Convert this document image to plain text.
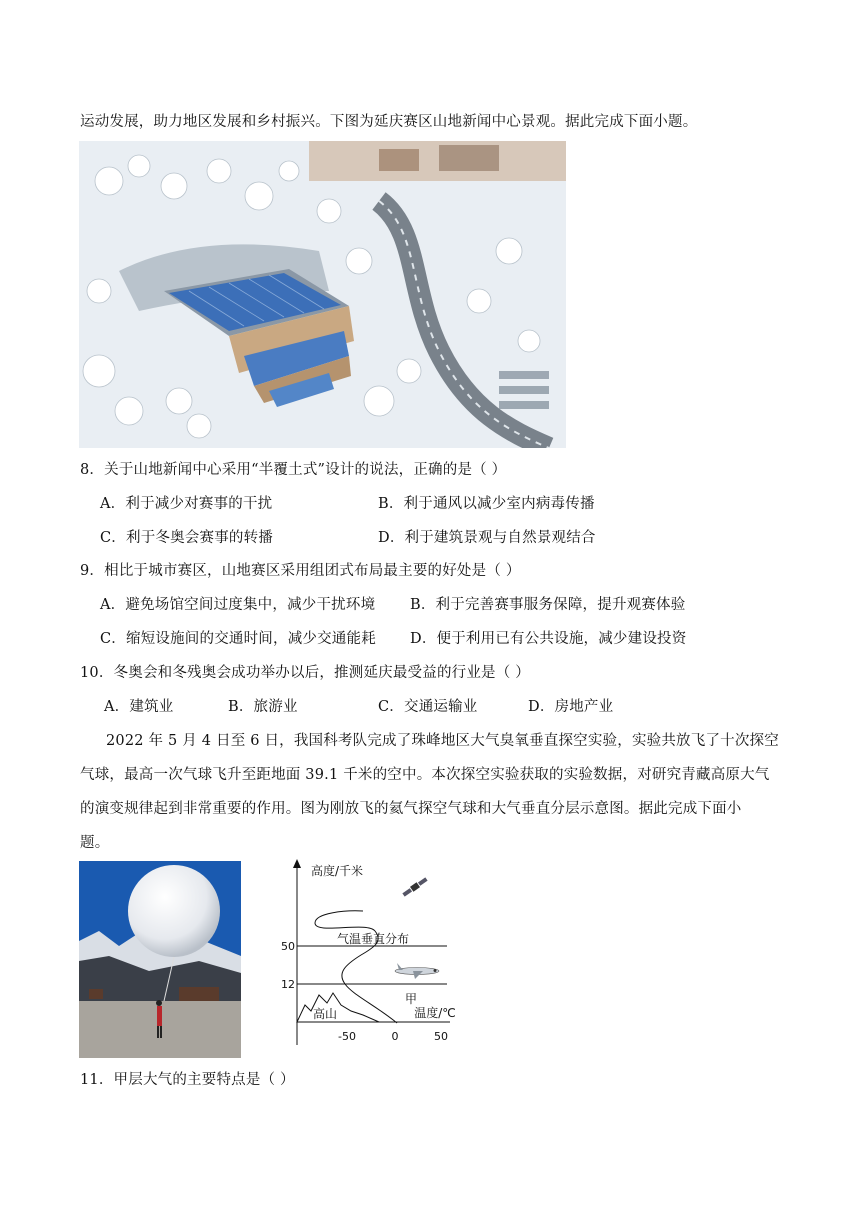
运动发展，助力地区发展和乡村振兴。下图为延庆赛区山地新闻中心景观。据此完成下面小题。
8．关于山地新闻中心采用“半覆土式”设计的说法，正确的是（ ）
A．利于减少对赛事的干扰	B．利于通风以减少室内病毒传播
C．利于冬奥会赛事的转播	D．利于建筑景观与自然景观结合
9．相比于城市赛区，山地赛区采用组团式布局最主要的好处是（ ）
A．避免场馆空间过度集中，减少干扰环境 B．利于完善赛事服务保障，提升观赛体验
C．缩短设施间的交通时间，减少交通能耗 D．便于利用已有公共设施，减少建设投资
10．冬奥会和冬残奥会成功举办以后，推测延庆最受益的行业是（ ）
A．建筑业	B．旅游业	C．交通运输业	D．房地产业
2022 年 5 月 4 日至 6 日，我国科考队完成了珠峰地区大气臭氧垂直探空实验，实验共放飞了十次探空
气球，最高一次气球飞升至距地面 39.1 千米的空中。本次探空实验获取的实验数据，对研究青藏高原大气
的演变规律起到非常重要的作用。图为刚放飞的氦气探空气球和大气垂直分层示意图。据此完成下面小
题。
高度/千米
气温垂直分布
50
12
甲
高山	温度/℃
-50	0	50
11．甲层大气的主要特点是（ ）
